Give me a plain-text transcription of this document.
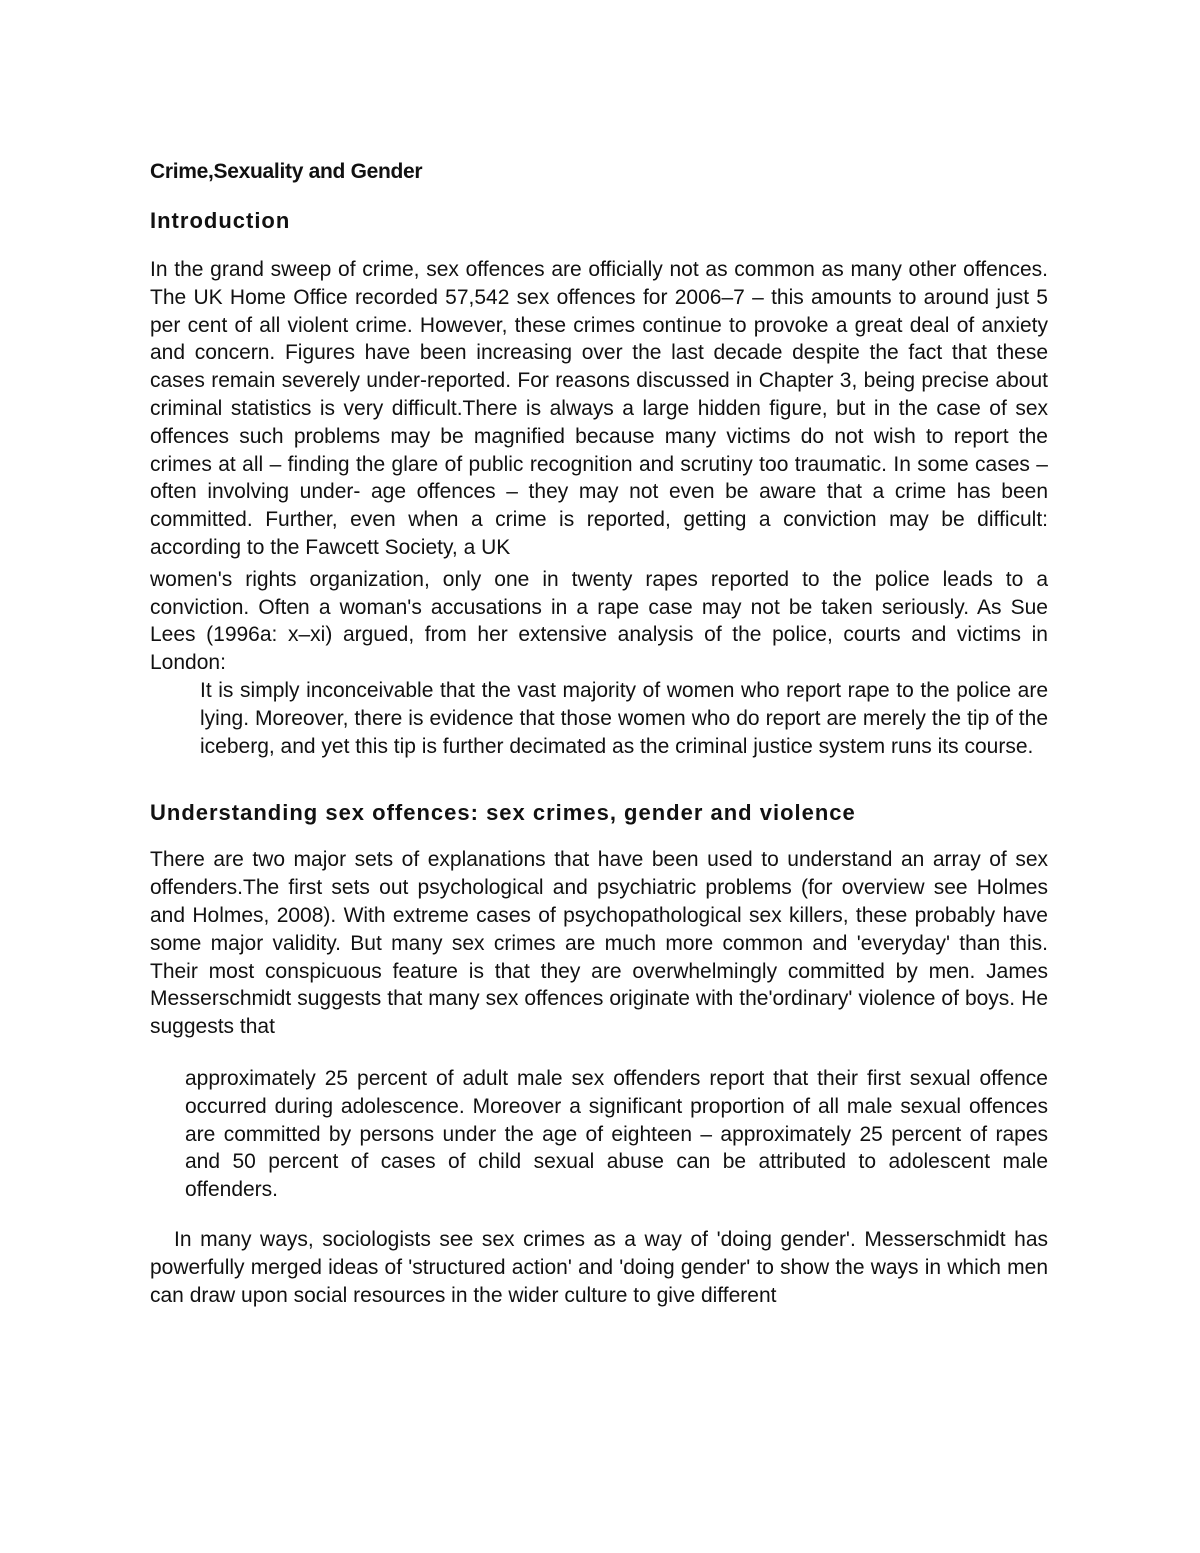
Crime,Sexuality and Gender
Introduction

In the grand sweep of crime, sex offences are officially not as common as many other offences. The UK Home Office recorded 57,542 sex offences for 2006–7 – this amounts to around just 5 per cent of all violent crime. However, these crimes continue to provoke a great deal of anxiety and concern. Figures have been increasing over the last decade despite the fact that these cases remain severely under-reported. For reasons discussed in Chapter 3, being precise about criminal statistics is very difficult.There is always a large hidden figure, but in the case of sex offences such problems may be magnified because many victims do not wish to report the crimes at all – finding the glare of public recognition and scrutiny too traumatic. In some cases – often involving under- age offences – they may not even be aware that a crime has been committed. Further, even when a crime is reported, getting a conviction may be difficult: according to the Fawcett Society, a UK

women's rights organization, only one in twenty rapes reported to the police leads to a conviction. Often a woman's accusations in a rape case may not be taken seriously. As Sue Lees (1996a: x–xi) argued, from her extensive analysis of the police, courts and victims in London:

It is simply inconceivable that the vast majority of women who report rape to the police are lying. Moreover, there is evidence that those women who do report are merely the tip of the iceberg, and yet this tip is further decimated as the criminal justice system runs its course.

Understanding sex offences: sex crimes, gender and violence

There are two major sets of explanations that have been used to understand an array of sex offenders.The first sets out psychological and psychiatric problems (for overview see Holmes and Holmes, 2008). With extreme cases of psychopathological sex killers, these probably have some major validity. But many sex crimes are much more common and 'everyday' than this. Their most conspicuous feature is that they are overwhelmingly committed by men. James Messerschmidt suggests that many sex offences originate with the'ordinary' violence of boys. He suggests that

approximately 25 percent of adult male sex offenders report that their first sexual offence occurred during adolescence. Moreover a significant proportion of all male sexual offences are committed by persons under the age of eighteen – approximately 25 percent of rapes and 50 percent of cases of child sexual abuse can be attributed to adolescent male offenders.

In many ways, sociologists see sex crimes as a way of 'doing gender'. Messerschmidt has powerfully merged ideas of 'structured action' and 'doing gender' to show the ways in which men can draw upon social resources in the wider culture to give different
